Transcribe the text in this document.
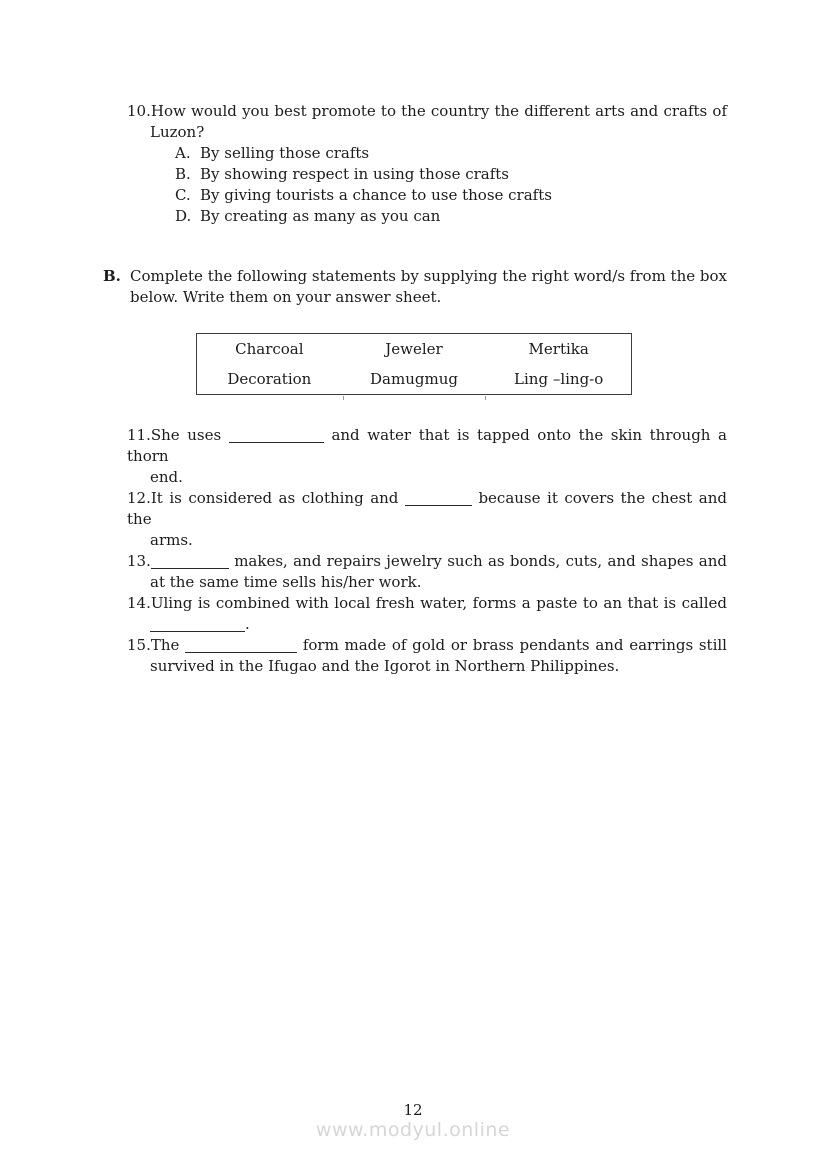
10.How would you best promote to the country the different arts and crafts of
Luzon?
A. By selling those crafts
B. By showing respect in using those crafts
C. By giving tourists a chance to use those crafts
D. By creating as many as you can
B. Complete the following statements by supplying the right word/s from the box
below. Write them on your answer sheet.
Charcoal	Jeweler	Mertika
Decoration	Damugmug	Ling –ling-o
11.She uses	and water that is tapped onto the skin through a thorn
end.
12.It is considered as clothing and	because it covers the chest and the
arms.
13.	makes, and repairs jewelry such as bonds, cuts, and shapes and
at the same time sells his/her work.
14.Uling is combined with local fresh water, forms a paste to an that is called
.
15.The	form made of gold or brass pendants and earrings still
survived in the Ifugao and the Igorot in Northern Philippines.
12
www.modyul.online
